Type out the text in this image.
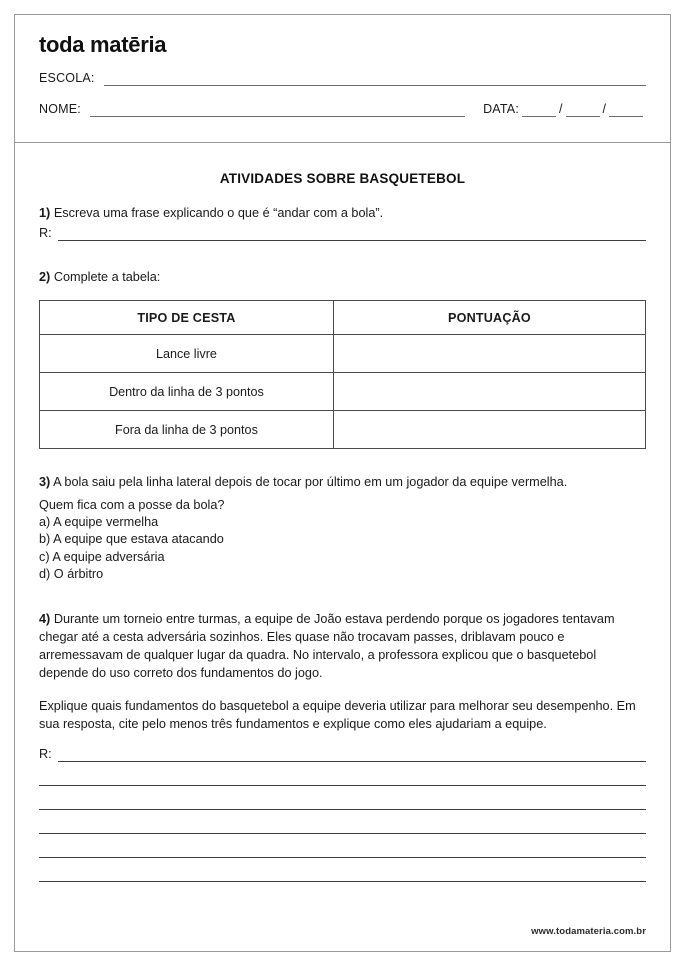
toda matēria
ESCOLA:
NOME:	DATA:	/	/
ATIVIDADES SOBRE BASQUETEBOL

1) Escreva uma frase explicando o que é “andar com a bola”.

R:

2) Complete a tabela:

TIPO DE CESTA	PONTUAÇÃO
Lance livre	
Dentro da linha de 3 pontos	
Fora da linha de 3 pontos	

3) A bola saiu pela linha lateral depois de tocar por último em um jogador da equipe vermelha.

Quem fica com a posse da bola?

a) A equipe vermelha
b) A equipe que estava atacando
c) A equipe adversária
d) O árbitro

4) Durante um torneio entre turmas, a equipe de João estava perdendo porque os jogadores tentavam chegar até a cesta adversária sozinhos. Eles quase não trocavam passes, driblavam pouco e arremessavam de qualquer lugar da quadra. No intervalo, a professora explicou que o basquetebol depende do uso correto dos fundamentos do jogo.

Explique quais fundamentos do basquetebol a equipe deveria utilizar para melhorar seu desempenho. Em sua resposta, cite pelo menos três fundamentos e explique como eles ajudariam a equipe.

R:
www.todamateria.com.br
